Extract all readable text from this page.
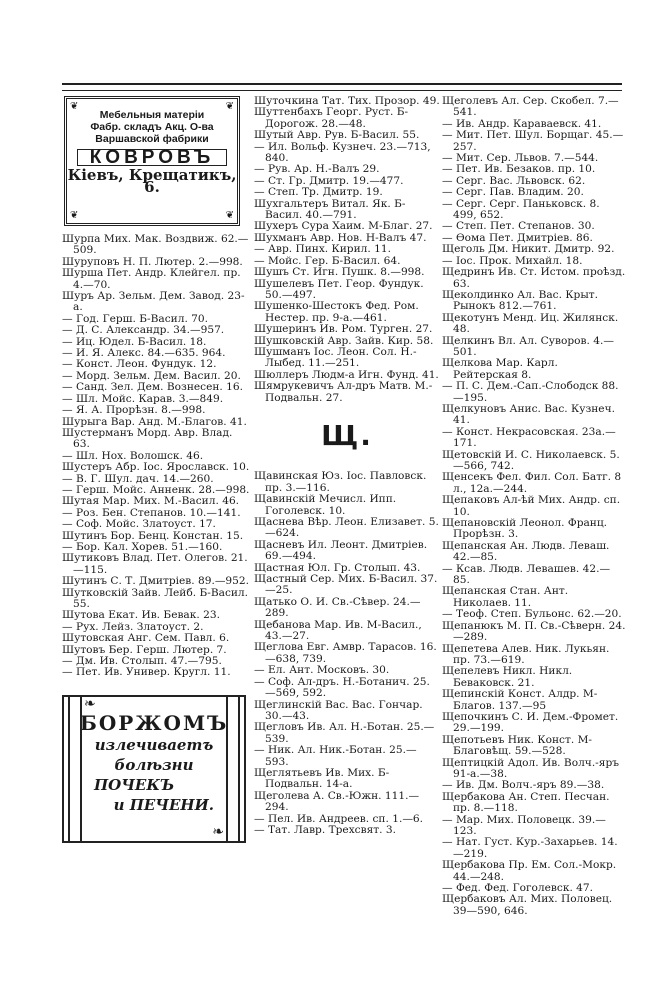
❦	❦
❦	❦
Мебельныя матеріи
Фабр. складъ Акц. О-ва
Варшавской фабрики
КОВРОВЪ
Кіевъ, Крещатикъ, 6.
Шурпа Мих. Мак. Воздвиж. 62.—509.
Шуруповъ Н. П. Лютер. 2.—998.
Шурша Пет. Андр. Клейгел. пр. 4.—70.
Шуръ Ар. Зельм. Дем. Завод. 23-а.
— Год. Герш. Б-Васил. 70.
— Д. С. Александр. 34.—957.
— Иц. Юдел. Б-Васил. 18.
— И. Я. Алекс. 84.—635. 964.
— Конст. Леон. Фундук. 12.
— Морд. Зельм. Дем. Васил. 20.
— Санд. Зел. Дем. Вознесен. 16.
— Шл. Мойс. Карав. 3.—849.
— Я. А. Прорѣзн. 8.—998.
Шурыга Вар. Анд. М.-Благов. 41.
Шустерманъ Морд. Авр. Влад. 63.
— Шл. Нох. Волошск. 46.
Шустеръ Абр. Іос. Ярославск. 10.
— В. Г. Шул. дач. 14.—260.
— Герш. Мойс. Анненк. 28.—998.
Шутая Мар. Мих. М.-Васил. 46.
— Роз. Бен. Степанов. 10.—141.
— Соф. Мойс. Златоуст. 17.
Шутинъ Бор. Бенц. Констан. 15.
— Бор. Кал. Хорев. 51.—160.
Шутиковъ Влад. Пет. Олегов. 21.—115.
Шутинъ С. Т. Дмитріев. 89.—952.
Шутковскій Зайв. Лейб. Б-Васил. 55.
Шутова Екат. Ив. Бевак. 23.
— Рух. Лейз. Златоуст. 2.
Шутовская Анг. Сем. Павл. 6.
Шутовъ Бер. Герш. Лютер. 7.
— Дм. Ив. Столып. 47.—795.
— Пет. Ив. Универ. Кругл. 11.
❧
❧
БОРЖОМЪ
излечиваетъ болѣзни
ПОЧЕКЪ
и ПЕЧЕНИ.
Шуточкина Тат. Тих. Прозор. 49.
Шуттенбахъ Георг. Руст. Б-Дорогож. 28.—48.
Шутый Авр. Рув. Б-Васил. 55.
— Ил. Вольф. Кузнеч. 23.—713, 840.
— Рув. Ар. Н.-Валъ 29.
— Ст. Гр. Дмитр. 19.—477.
— Степ. Тр. Дмитр. 19.
Шухгальтеръ Витал. Як. Б-Васил. 40.—791.
Шухеръ Сура Хаим. М-Благ. 27.
Шухманъ Авр. Нов. Н-Валъ 47.
— Авр. Пинх. Кирил. 11.
— Мойс. Гер. Б-Васил. 64.
Шушъ Ст. Игн. Пушк. 8.—998.
Шушелевъ Пет. Геор. Фундук. 50.—497.
Шушенко-Шестокъ Фед. Ром. Нестер. пр. 9-а.—461.
Шушеринъ Ив. Ром. Турген. 27.
Шушковскій Авр. Зайв. Кир. 58.
Шушманъ Іос. Леон. Сол. Н.-Лыбед. 11.—251.
Шюллеръ Людм-а Игн. Фунд. 41.
Шямрукевичъ Ал-дръ Матв. М.-Подвальн. 27.
Щ.
Щавинская Юз. Іос. Павловск. пр. 3.—116.
Щавинскій Мечисл. Ипп. Гоголевск. 10.
Щаснева Вѣр. Леон. Елизавет. 5.—624.
Щасневъ Ил. Леонт. Дмитріев. 69.—494.
Щастная Юл. Гр. Столып. 43.
Щастный Сер. Мих. Б-Васил. 37.—25.
Щатько О. И. Св.-Сѣвер. 24.—289.
Щебанова Мар. Ив. М-Васил., 43.—27.
Щеглова Евг. Амвр. Тарасов. 16.—638, 739.
— Ел. Ант. Московъ. 30.
— Соф. Ал-дръ. Н.-Ботанич. 25.—569, 592.
Щеглинскій Вас. Вас. Гончар. 30.—43.
Щегловъ Ив. Ал. Н.-Ботан. 25.—539.
— Ник. Ал. Ник.-Ботан. 25.—593.
Щеглятьевъ Ив. Мих. Б-Подвальн. 14-а.
Щеголева А. Св.-Южн. 111.—294.
— Пел. Ив. Андреев. сп. 1.—6.
— Тат. Лавр. Трехсвят. 3.
Щеголевъ Ал. Сер. Скобел. 7.—541.
— Ив. Андр. Караваевск. 41.
— Мит. Пет. Шул. Борщаг. 45.—257.
— Мит. Сер. Львов. 7.—544.
— Пет. Ив. Безаков. пр. 10.
— Серг. Вас. Львовск. 62.
— Серг. Пав. Владим. 20.
— Серг. Серг. Паньковск. 8. 499, 652.
— Степ. Пет. Степанов. 30.
— Ѳома Пет. Дмитріев. 86.
Щеголь Дм. Никит. Дмитр. 92.
— Іос. Прок. Михайл. 18.
Щедринъ Ив. Ст. Истом. проѣзд. 63.
Щеколдинко Ал. Вас. Крыт. Рынокъ 812.—761.
Щекотунъ Менд. Иц. Жилянск. 48.
Щелкинъ Вл. Ал. Суворов. 4.—501.
Щелкова Мар. Карл. Рейтерская 8.
— П. С. Дем.-Сап.-Слободск 88.—195.
Щелкуновъ Анис. Вас. Кузнеч. 41.
— Конст. Некрасовская. 23а.—171.
Щетовскій И. С. Николаевск. 5.—566, 742.
Щенсекъ Фел. Фил. Сол. Батг. 8 л., 12а.—244.
Щепаковъ Ал-ѣй Мих. Андр. сп. 10.
Щепановскій Леонол. Франц. Прорѣзн. 3.
Щепанская Ан. Людв. Леваш. 42.—85.
— Ксав. Людв. Левашев. 42.—85.
Щепанская Стан. Ант. Николаев. 11.
— Теоф. Степ. Бульонс. 62.—20.
Щепанюкъ М. П. Св.-Сѣверн. 24.—289.
Щепетева Алев. Ник. Лукьян. пр. 73.—619.
Щепелевъ Никл. Никл. Беваковск. 21.
Щепинскій Конст. Алдр. М-Благов. 137.—95
Щепочкинъ С. И. Дем.-Фромет. 29.—199.
Щепотьевъ Ник. Конст. М-Благовѣщ. 59.—528.
Щептицкій Адол. Ив. Волч.-яръ 91-а.—38.
— Ив. Дм. Волч.-яръ 89.—38.
Щербакова Ан. Степ. Песчан. пр. 8.—118.
— Мар. Мих. Половецк. 39.—123.
— Нат. Густ. Кур.-Захарьев. 14.—219.
Щербакова Пр. Ем. Сол.-Мокр. 44.—248.
— Фед. Фед. Гоголевск. 47.
Щербаковъ Ал. Мих. Половец. 39—590, 646.
